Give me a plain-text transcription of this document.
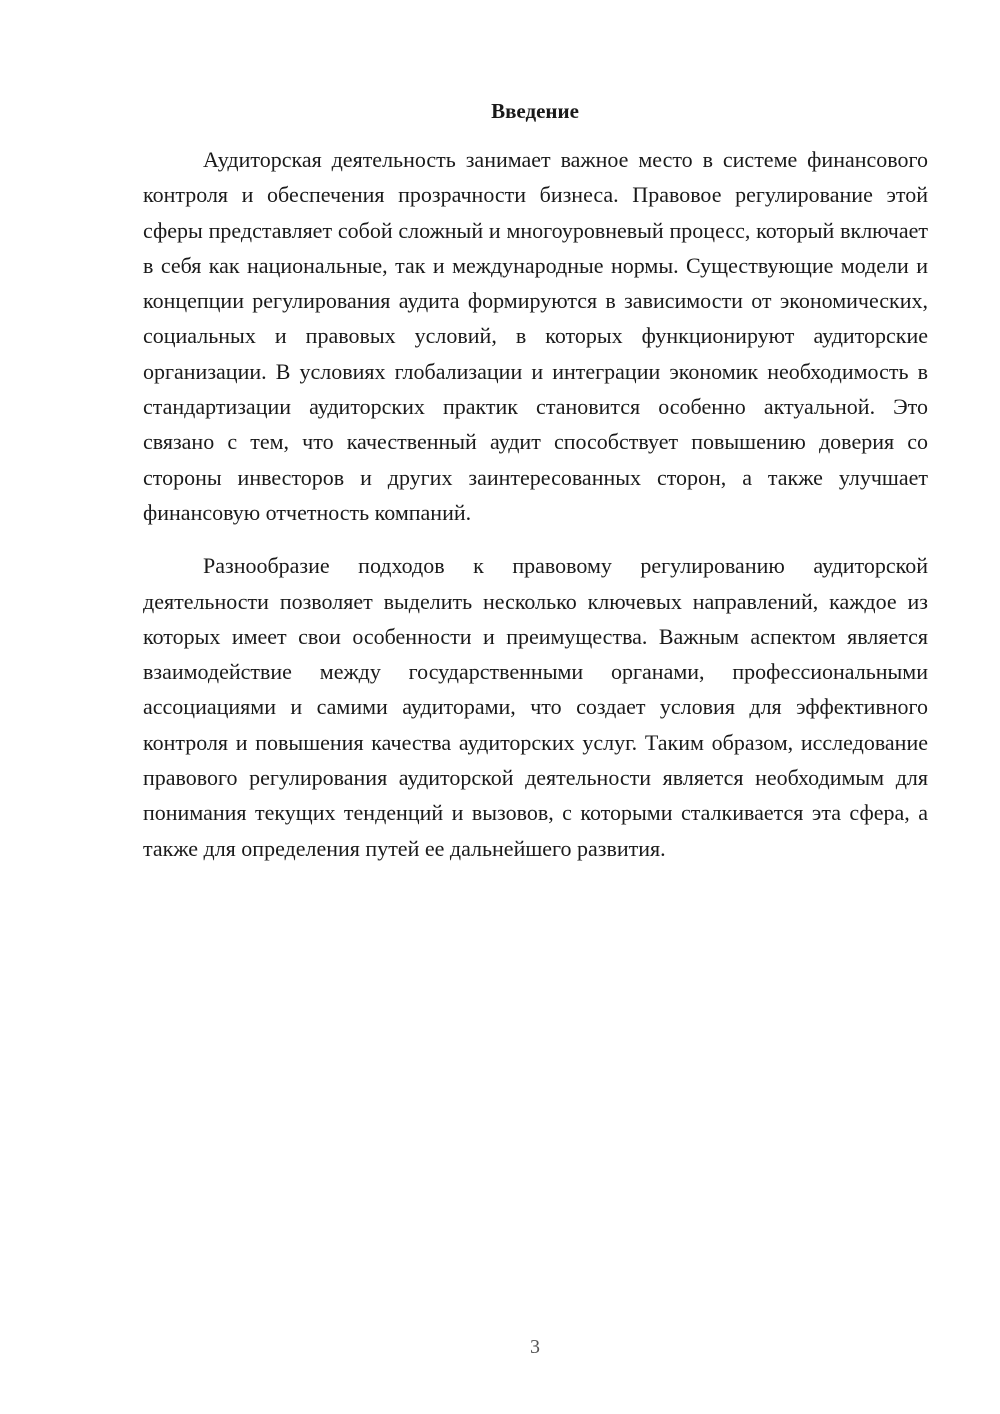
Введение

Аудиторская деятельность занимает важное место в системе финансового контроля и обеспечения прозрачности бизнеса. Правовое регулирование этой сферы представляет собой сложный и многоуровневый процесс, который включает в себя как национальные, так и международные нормы. Существующие модели и концепции регулирования аудита формируются в зависимости от экономических, социальных и правовых условий, в которых функционируют аудиторские организации. В условиях глобализации и интеграции экономик необходимость в стандартизации аудиторских практик становится особенно актуальной. Это связано с тем, что качественный аудит способствует повышению доверия со стороны инвесторов и других заинтересованных сторон, а также улучшает финансовую отчетность компаний.

Разнообразие подходов к правовому регулированию аудиторской деятельности позволяет выделить несколько ключевых направлений, каждое из которых имеет свои особенности и преимущества. Важным аспектом является взаимодействие между государственными органами, профессиональными ассоциациями и самими аудиторами, что создает условия для эффективного контроля и повышения качества аудиторских услуг. Таким образом, исследование правового регулирования аудиторской деятельности является необходимым для понимания текущих тенденций и вызовов, с которыми сталкивается эта сфера, а также для определения путей ее дальнейшего развития.

3
